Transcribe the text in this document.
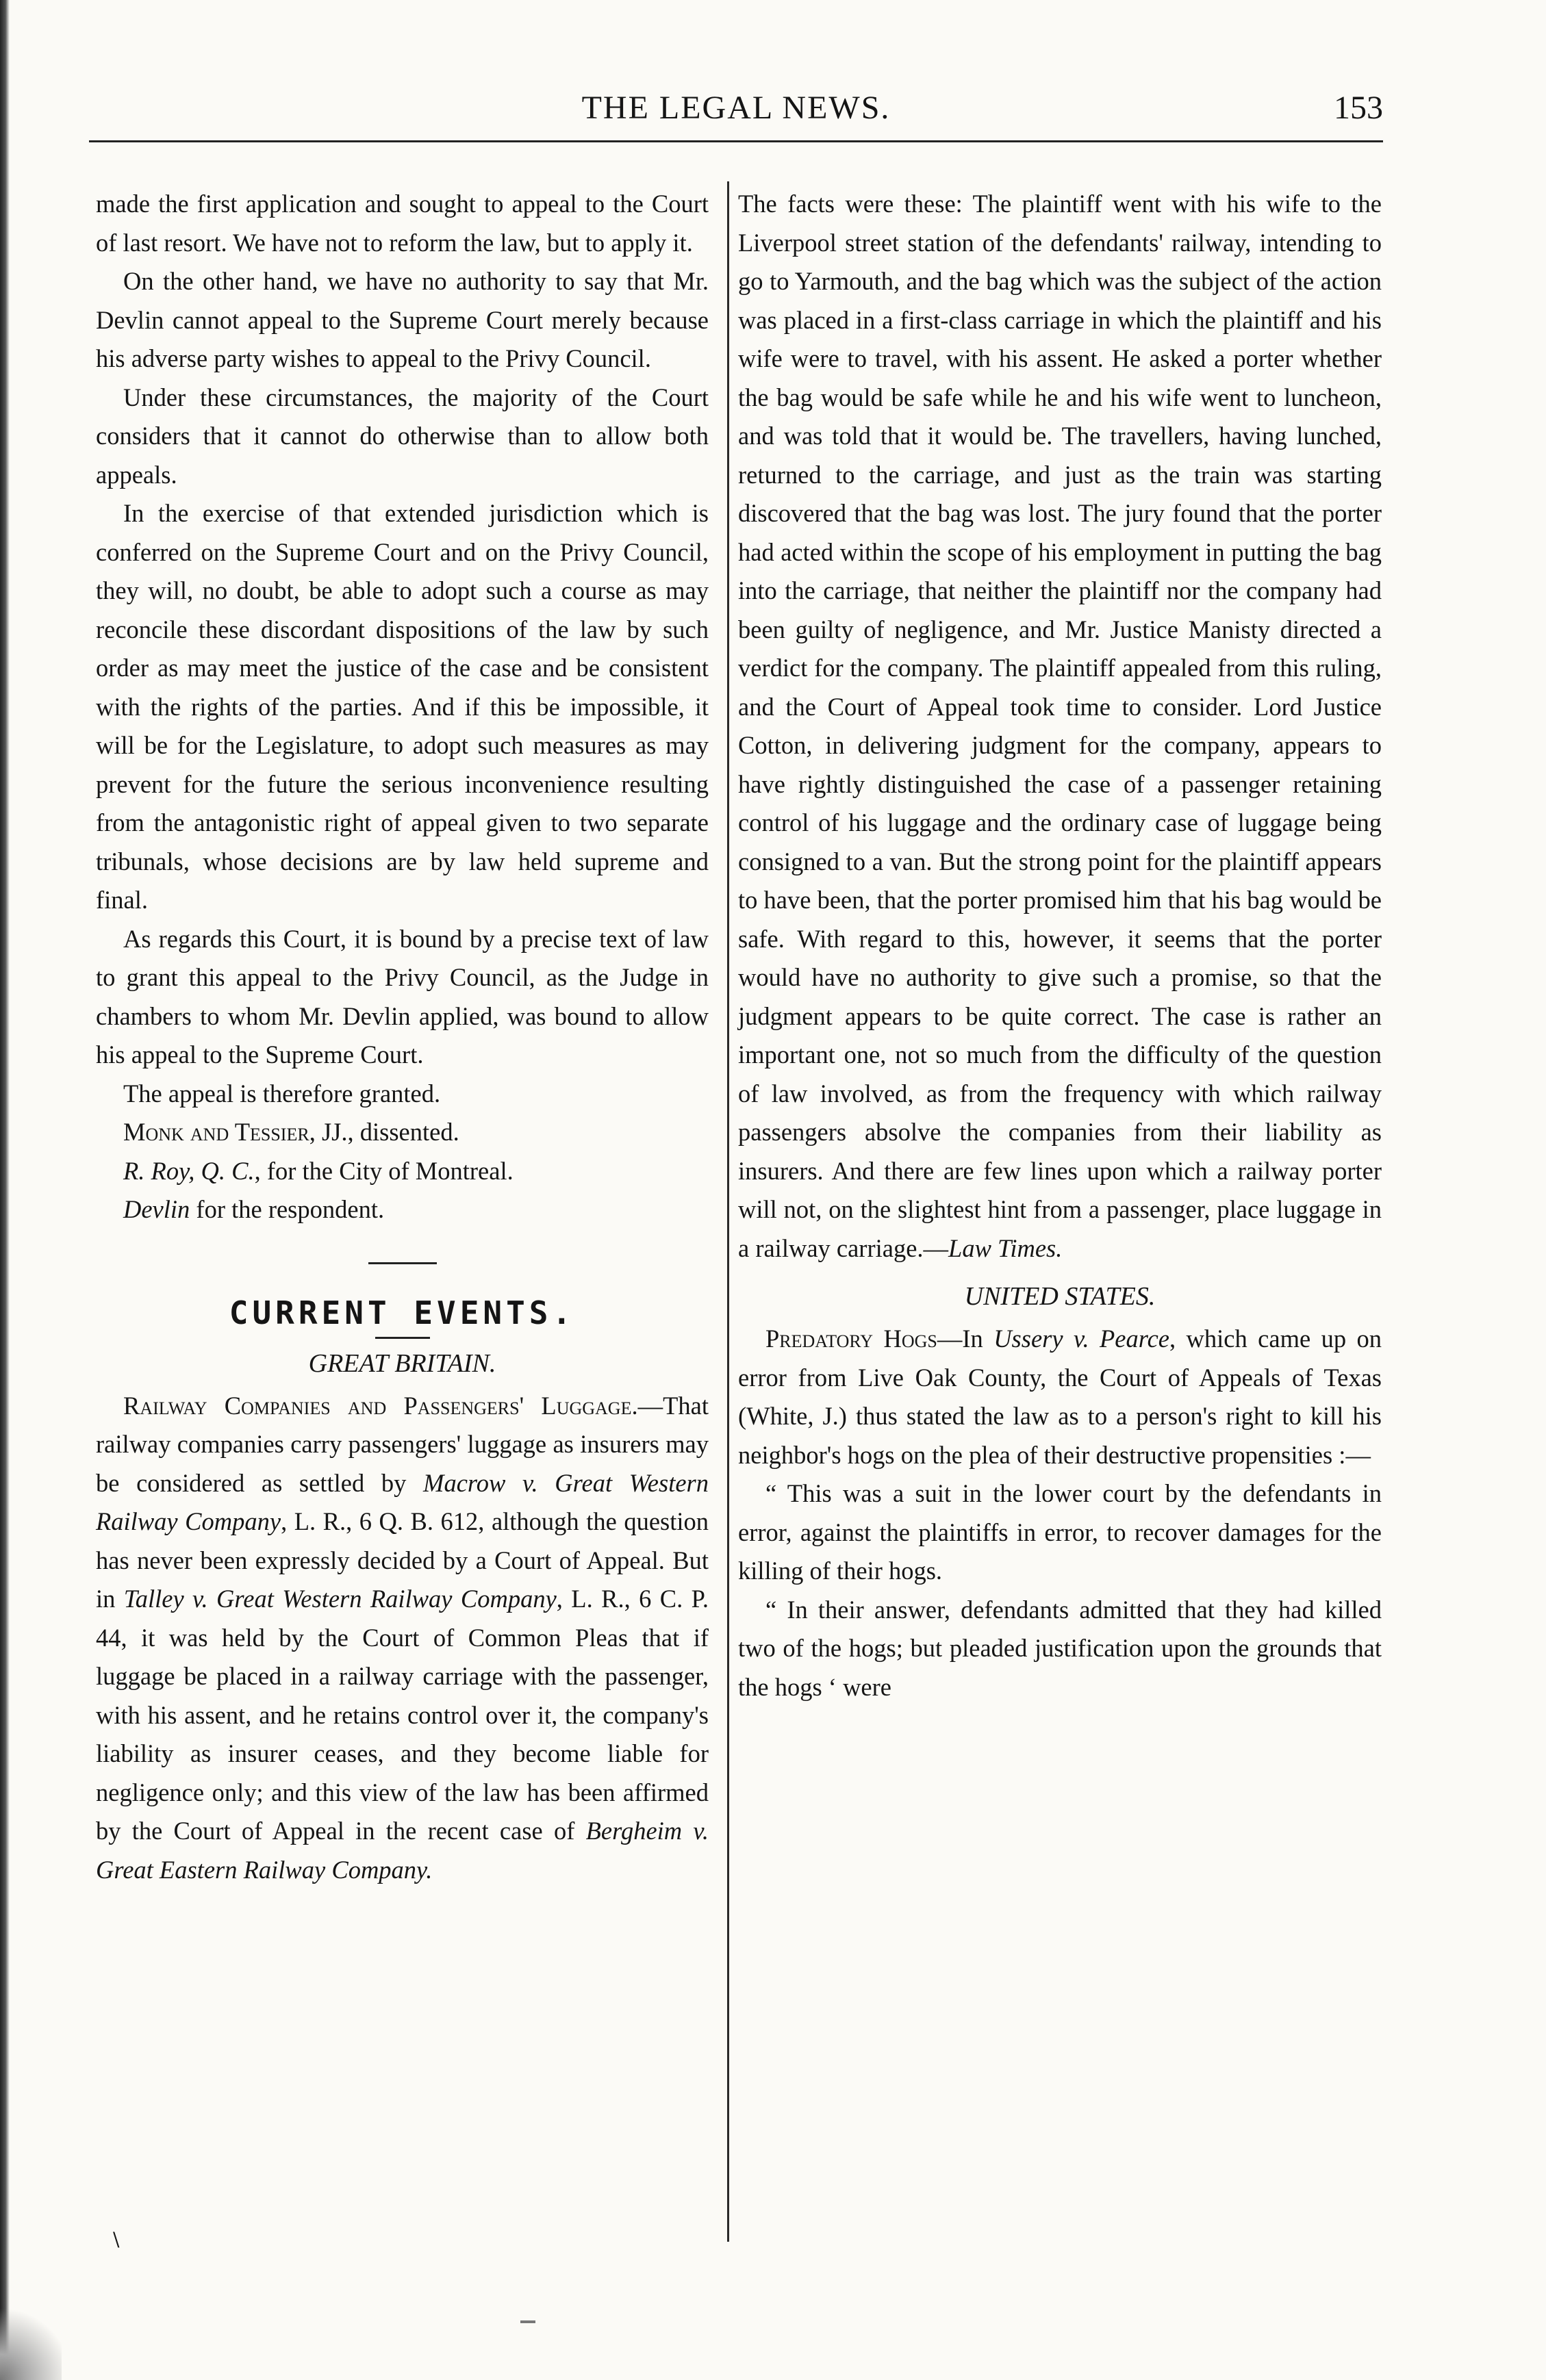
THE LEGAL NEWS.	153

made the first application and sought to appeal to the Court of last resort. We have not to reform the law, but to apply it.

On the other hand, we have no authority to say that Mr. Devlin cannot appeal to the Supreme Court merely because his adverse party wishes to appeal to the Privy Council.

Under these circumstances, the majority of the Court considers that it cannot do otherwise than to allow both appeals.

In the exercise of that extended jurisdiction which is conferred on the Supreme Court and on the Privy Council, they will, no doubt, be able to adopt such a course as may reconcile these discordant dispositions of the law by such order as may meet the justice of the case and be consistent with the rights of the parties. And if this be impossible, it will be for the Legislature, to adopt such measures as may prevent for the future the serious inconvenience resulting from the antagonistic right of appeal given to two separate tribunals, whose decisions are by law held supreme and final.

As regards this Court, it is bound by a precise text of law to grant this appeal to the Privy Council, as the Judge in chambers to whom Mr. Devlin applied, was bound to allow his appeal to the Supreme Court.

The appeal is therefore granted.

Monk and Tessier, JJ., dissented.

R. Roy, Q. C., for the City of Montreal.

Devlin for the respondent.

CURRENT EVENTS.
GREAT BRITAIN.

Railway Companies and Passengers' Luggage.—That railway companies carry passengers' luggage as insurers may be considered as settled by Macrow v. Great Western Railway Company, L. R., 6 Q. B. 612, although the question has never been expressly decided by a Court of Appeal. But in Talley v. Great Western Railway Company, L. R., 6 C. P. 44, it was held by the Court of Common Pleas that if luggage be placed in a railway carriage with the passenger, with his assent, and he retains control over it, the company's liability as insurer ceases, and they become liable for negligence only; and this view of the law has been affirmed by the Court of Appeal in the recent case of Bergheim v. Great Eastern Railway Company.

The facts were these: The plaintiff went with his wife to the Liverpool street station of the defendants' railway, intending to go to Yarmouth, and the bag which was the subject of the action was placed in a first-class carriage in which the plaintiff and his wife were to travel, with his assent. He asked a porter whether the bag would be safe while he and his wife went to luncheon, and was told that it would be. The travellers, having lunched, returned to the carriage, and just as the train was starting discovered that the bag was lost. The jury found that the porter had acted within the scope of his employment in putting the bag into the carriage, that neither the plaintiff nor the company had been guilty of negligence, and Mr. Justice Manisty directed a verdict for the company. The plaintiff appealed from this ruling, and the Court of Appeal took time to consider. Lord Justice Cotton, in delivering judgment for the company, appears to have rightly distinguished the case of a passenger retaining control of his luggage and the ordinary case of luggage being consigned to a van. But the strong point for the plaintiff appears to have been, that the porter promised him that his bag would be safe. With regard to this, however, it seems that the porter would have no authority to give such a promise, so that the judgment appears to be quite correct. The case is rather an important one, not so much from the difficulty of the question of law involved, as from the frequency with which railway passengers absolve the companies from their liability as insurers. And there are few lines upon which a railway porter will not, on the slightest hint from a passenger, place luggage in a railway carriage.—Law Times.

UNITED STATES.

Predatory Hogs—In Ussery v. Pearce, which came up on error from Live Oak County, the Court of Appeals of Texas (White, J.) thus stated the law as to a person's right to kill his neighbor's hogs on the plea of their destructive propensities :—

“ This was a suit in the lower court by the defendants in error, against the plaintiffs in error, to recover damages for the killing of their hogs.

“ In their answer, defendants admitted that they had killed two of the hogs; but pleaded justification upon the grounds that the hogs ‘ were

\
